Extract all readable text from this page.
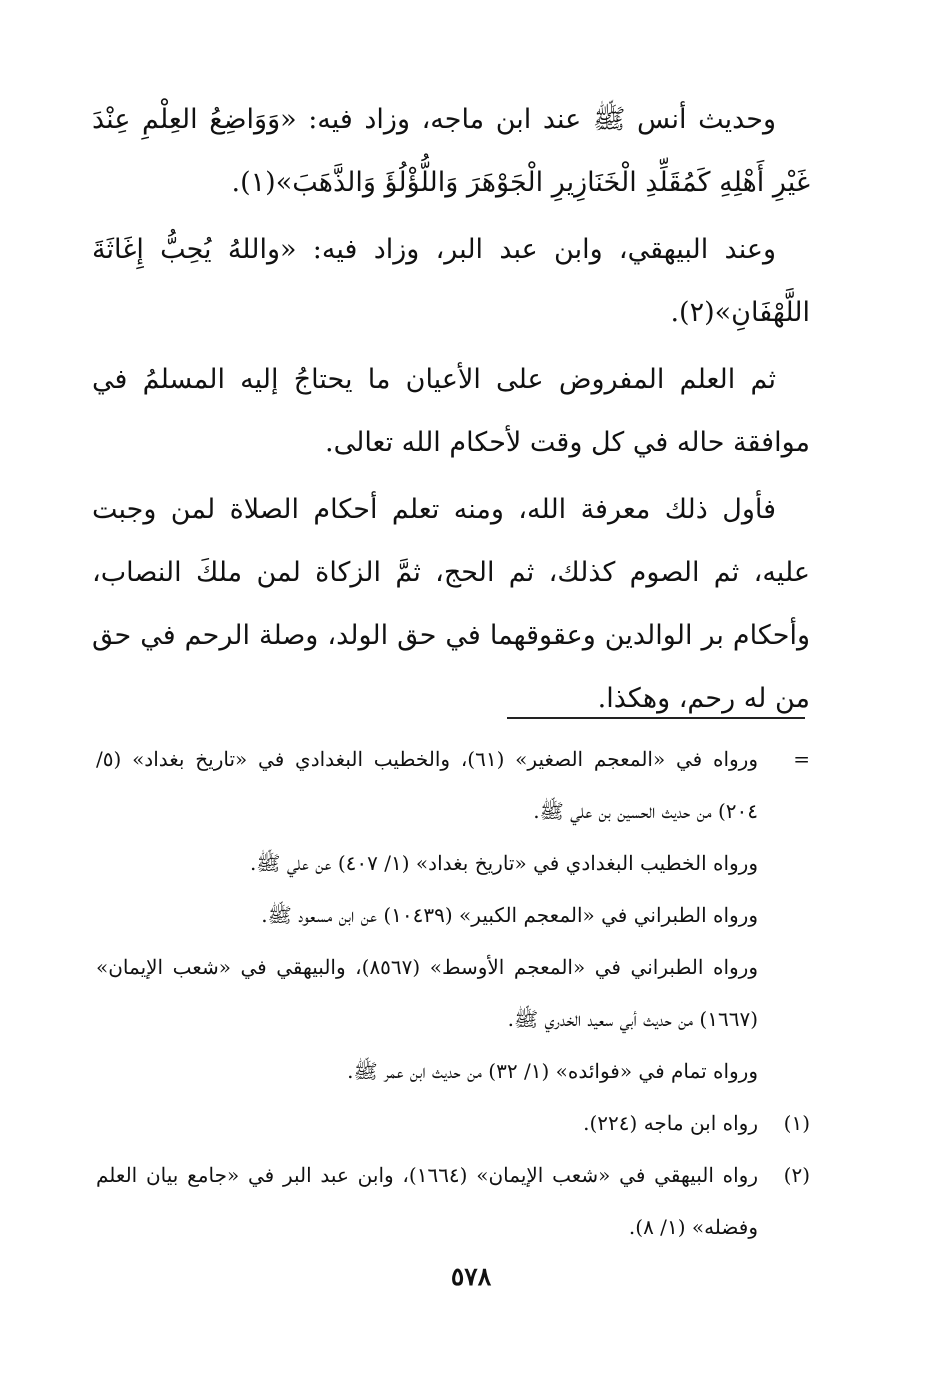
وحديث أنس ﷺ عند ابن ماجه، وزاد فيه: «وَوَاضِعُ العِلْمِ عِنْدَ غَيْرِ أَهْلِهِ كَمُقَلِّدِ الْخَنَازِيرِ الْجَوْهَرَ وَاللُّؤْلُؤَ وَالذَّهَبَ»(١).

وعند البيهقي، وابن عبد البر، وزاد فيه: «واللهُ يُحِبُّ إِغَاثَةَ اللَّهْفَانِ»(٢).

ثم العلم المفروض على الأعيان ما يحتاجُ إليه المسلمُ في موافقة حاله في كل وقت لأحكام الله تعالى.

فأول ذلك معرفة الله، ومنه تعلم أحكام الصلاة لمن وجبت عليه، ثم الصوم كذلك، ثم الحج، ثمَّ الزكاة لمن ملكَ النصاب، وأحكام بر الوالدين وعقوقهما في حق الولد، وصلة الرحم في حق من له رحم، وهكذا.

=
ورواه في «المعجم الصغير» (٦١)، والخطيب البغدادي في «تاريخ بغداد» (٥/ ٢٠٤) من حديث الحسين بن علي ﷺ.
ورواه الخطيب البغدادي في «تاريخ بغداد» (١/ ٤٠٧) عن علي ﷺ.
ورواه الطبراني في «المعجم الكبير» (١٠٤٣٩) عن ابن مسعود ﷺ.
ورواه الطبراني في «المعجم الأوسط» (٨٥٦٧)، والبيهقي في «شعب الإيمان» (١٦٦٧) من حديث أبي سعيد الخدري ﷺ.
ورواه تمام في «فوائده» (١/ ٣٢) من حديث ابن عمر ﷺ.
(١)
رواه ابن ماجه (٢٢٤).
(٢)
رواه البيهقي في «شعب الإيمان» (١٦٦٤)، وابن عبد البر في «جامع بيان العلم وفضله» (١/ ٨).
٥٧٨
